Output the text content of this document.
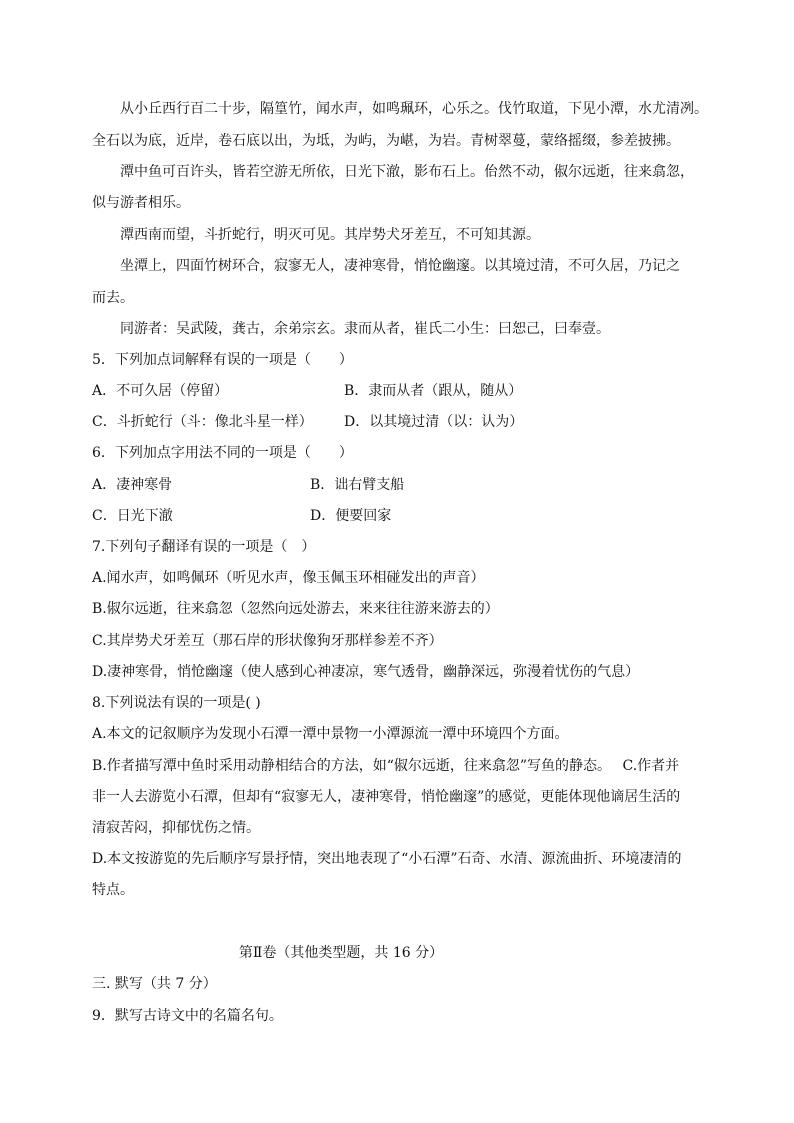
从小丘西行百二十步，隔篁竹，闻水声，如鸣珮环，心乐之。伐竹取道，下见小潭，水尤清冽。
全石以为底，近岸，卷石底以出，为坻，为屿，为嵁，为岩。青树翠蔓，蒙络摇缀，参差披拂。
潭中鱼可百许头，皆若空游无所依，日光下澈，影布石上。佁然不动，俶尔远逝，往来翕忽，
似与游者相乐。
潭西南而望，斗折蛇行，明灭可见。其岸势犬牙差互，不可知其源。
坐潭上，四面竹树环合，寂寥无人，凄神寒骨，悄怆幽邃。以其境过清，不可久居，乃记之
而去。
同游者：吴武陵，龚古，余弟宗玄。隶而从者，崔氏二小生：曰恕己，曰奉壹。
5．下列加点词解释有误的一项是（　　）
A．不可久居（停留）	B．隶而从者（跟从，随从）
C．斗折蛇行（斗：像北斗星一样） D．以其境过清（以：认为）
6．下列加点字用法不同的一项是（　　）
A．凄神寒骨	B．诎右臂支船
C．日光下澈	D．便要回家
7.下列句子翻译有误的一项是（　）
A.闻水声，如鸣佩环（听见水声，像玉佩玉环相碰发出的声音）
B.俶尔远逝，往来翕忽（忽然向远处游去，来来往往游来游去的）
C.其岸势犬牙差互（那石岸的形状像狗牙那样参差不齐）
D.凄神寒骨，悄怆幽邃（使人感到心神凄凉，寒气透骨，幽静深远，弥漫着忧伤的气息）
8.下列说法有误的一项是( )
A.本文的记叙顺序为发现小石潭一潭中景物一小潭源流一潭中环境四个方面。
B.作者描写潭中鱼时采用动静相结合的方法，如“俶尔远逝，往来翕忽”写鱼的静态。　 C.作者并
非一人去游览小石潭，但却有“寂寥无人，凄神寒骨，悄怆幽邃”的感觉，更能体现他谪居生活的
清寂苦闷，抑郁忧伤之情。
D.本文按游览的先后顺序写景抒情，突出地表现了“小石潭”石奇、水清、源流曲折、环境凄清的
特点。
第Ⅱ卷（其他类型题，共 16 分）
三. 默写（共 7 分）
9．默写古诗文中的名篇名句。
